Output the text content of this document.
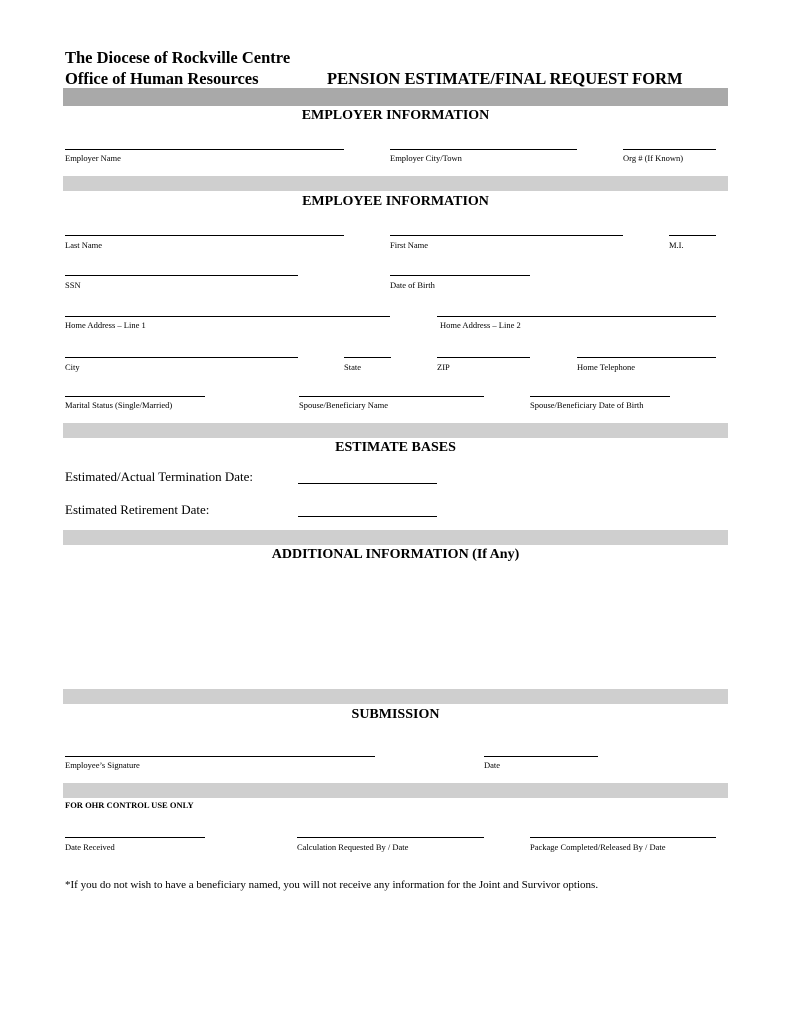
The Diocese of Rockville Centre
Office of Human Resources	PENSION ESTIMATE/FINAL REQUEST FORM
EMPLOYER INFORMATION
Employer Name	Employer City/Town	Org # (If Known)
EMPLOYEE INFORMATION
Last Name	First Name	M.I.
SSN	Date of Birth
Home Address – Line 1	Home Address – Line 2
City	State	ZIP	Home Telephone
Marital Status (Single/Married)	Spouse/Beneficiary Name	Spouse/Beneficiary Date of Birth
ESTIMATE BASES
Estimated/Actual Termination Date:
Estimated Retirement Date:
ADDITIONAL INFORMATION (If Any)
SUBMISSION
Employee’s Signature	Date
FOR OHR CONTROL USE ONLY
Date Received	Calculation Requested By / Date	Package Completed/Released By / Date
*If you do not wish to have a beneficiary named, you will not receive any information for the Joint and Survivor options.
